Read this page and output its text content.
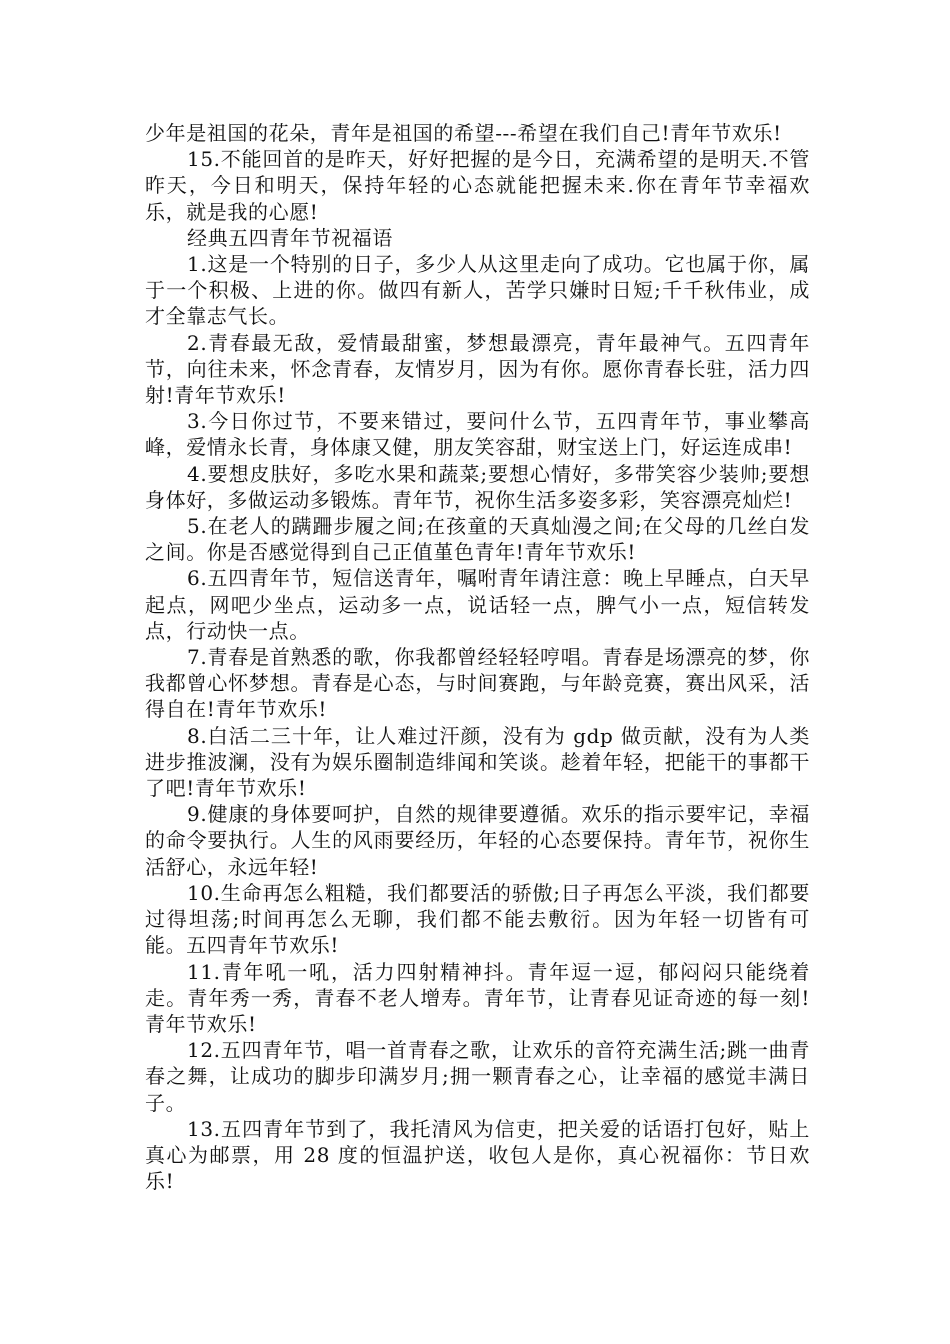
少年是祖国的花朵，青年是祖国的希望---希望在我们自己!青年节欢乐!

15.不能回首的是昨天，好好把握的是今日，充满希望的是明天.不管昨天，今日和明天，保持年轻的心态就能把握未来.你在青年节幸福欢乐，就是我的心愿!

经典五四青年节祝福语

1.这是一个特别的日子，多少人从这里走向了成功。它也属于你，属于一个积极、上进的你。做四有新人，苦学只嫌时日短;千千秋伟业，成才全靠志气长。

2.青春最无敌，爱情最甜蜜，梦想最漂亮，青年最神气。五四青年节，向往未来，怀念青春，友情岁月，因为有你。愿你青春长驻，活力四射!青年节欢乐!

3.今日你过节，不要来错过，要问什么节，五四青年节，事业攀高峰，爱情永长青，身体康又健，朋友笑容甜，财宝送上门，好运连成串!

4.要想皮肤好，多吃水果和蔬菜;要想心情好，多带笑容少装帅;要想身体好，多做运动多锻炼。青年节，祝你生活多姿多彩，笑容漂亮灿烂!

5.在老人的蹒跚步履之间;在孩童的天真灿漫之间;在父母的几丝白发之间。你是否感觉得到自己正值堇色青年!青年节欢乐!

6.五四青年节，短信送青年，嘱咐青年请注意：晚上早睡点，白天早起点，网吧少坐点，运动多一点，说话轻一点，脾气小一点，短信转发点，行动快一点。

7.青春是首熟悉的歌，你我都曾经轻轻哼唱。青春是场漂亮的梦，你我都曾心怀梦想。青春是心态，与时间赛跑，与年龄竞赛，赛出风采，活得自在!青年节欢乐!

8.白活二三十年，让人难过汗颜，没有为 gdp 做贡献，没有为人类进步推波澜，没有为娱乐圈制造绯闻和笑谈。趁着年轻，把能干的事都干了吧!青年节欢乐!

9.健康的身体要呵护，自然的规律要遵循。欢乐的指示要牢记，幸福的命令要执行。人生的风雨要经历，年轻的心态要保持。青年节，祝你生活舒心，永远年轻!

10.生命再怎么粗糙，我们都要活的骄傲;日子再怎么平淡，我们都要过得坦荡;时间再怎么无聊，我们都不能去敷衍。因为年轻一切皆有可能。五四青年节欢乐!

11.青年吼一吼，活力四射精神抖。青年逗一逗，郁闷闷只能绕着走。青年秀一秀，青春不老人增寿。青年节，让青春见证奇迹的每一刻!青年节欢乐!

12.五四青年节，唱一首青春之歌，让欢乐的音符充满生活;跳一曲青春之舞，让成功的脚步印满岁月;拥一颗青春之心，让幸福的感觉丰满日子。

13.五四青年节到了，我托清风为信吏，把关爱的话语打包好，贴上真心为邮票，用 28 度的恒温护送，收包人是你，真心祝福你：节日欢乐!
